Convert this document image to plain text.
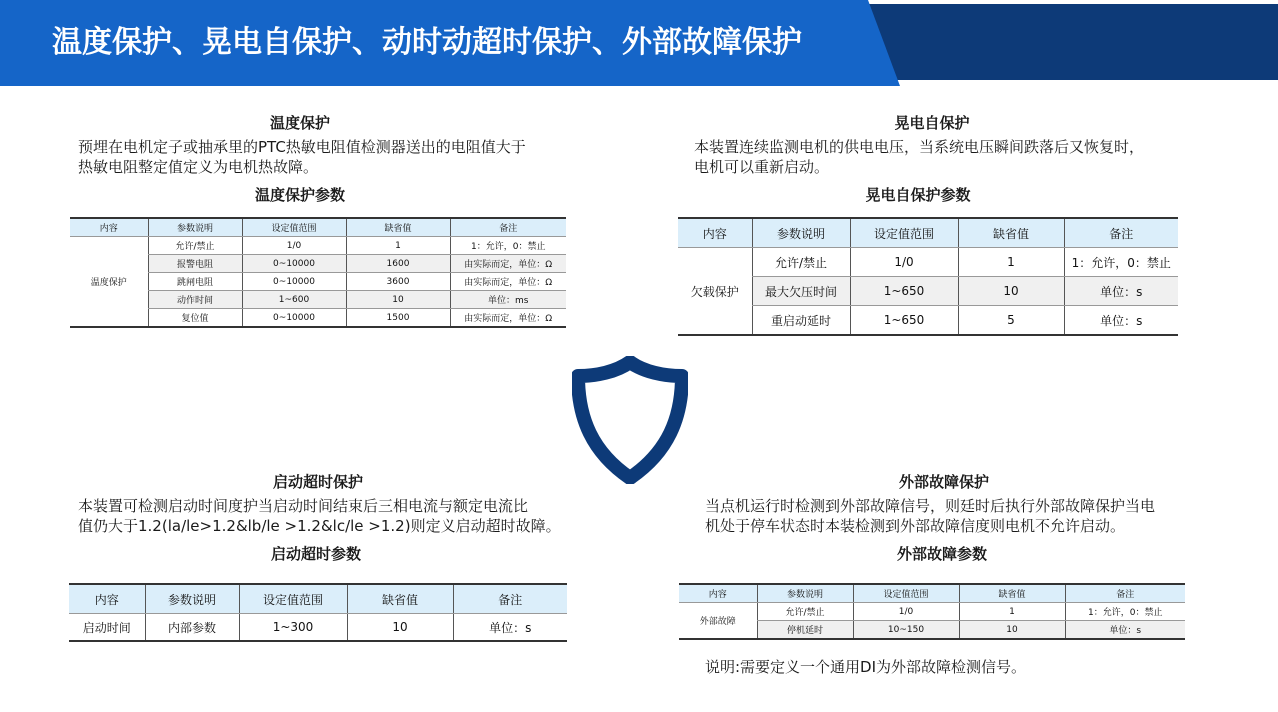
温度保护、晃电自保护、动时动超时保护、外部故障保护
温度保护
预埋在电机定子或抽承里的PTC热敏电阻值检测器送出的电阻值大于
热敏电阻整定值定义为电机热故障。
温度保护参数
内容	参数说明	设定值范围	缺省值	备注
温度保护	允许/禁止	1/0	1	1：允许，0：禁止
	报警电阻	0~10000	1600	由实际而定，单位：Ω
	跳闸电阻	0~10000	3600	由实际而定，单位：Ω
	动作时间	1~600	10	单位：ms
	复位值	0~10000	1500	由实际而定，单位：Ω
晃电自保护
本装置连续监测电机的供电电压，当系统电压瞬间跌落后又恢复时，
电机可以重新启动。
晃电自保护参数
内容	参数说明	设定值范围	缺省值	备注
欠载保护	允许/禁止	1/0	1	1：允许，0：禁止
	最大欠压时间	1~650	10	单位：s
	重启动延时	1~650	5	单位：s
启动超时保护
本装置可检测启动时间度护当启动时间结束后三相电流与额定电流比
值仍大于1.2(la/le>1.2&lb/le >1.2&lc/le >1.2)则定义启动超时故障。
启动超时参数
内容	参数说明	设定值范围	缺省值	备注
启动时间	内部参数	1~300	10	单位：s
外部故障保护
当点机运行时检测到外部故障信号，则廷时后执行外部故障保护当电
机处于停车状态时本装检测到外部故障信度则电机不允许启动。
外部故障参数
内容	参数说明	设定值范围	缺省值	备注
外部故障	允许/禁止	1/0	1	1：允许，0：禁止
	停机延时	10~150	10	单位：s
说明:需要定义一个通用DI为外部故障检测信号。
